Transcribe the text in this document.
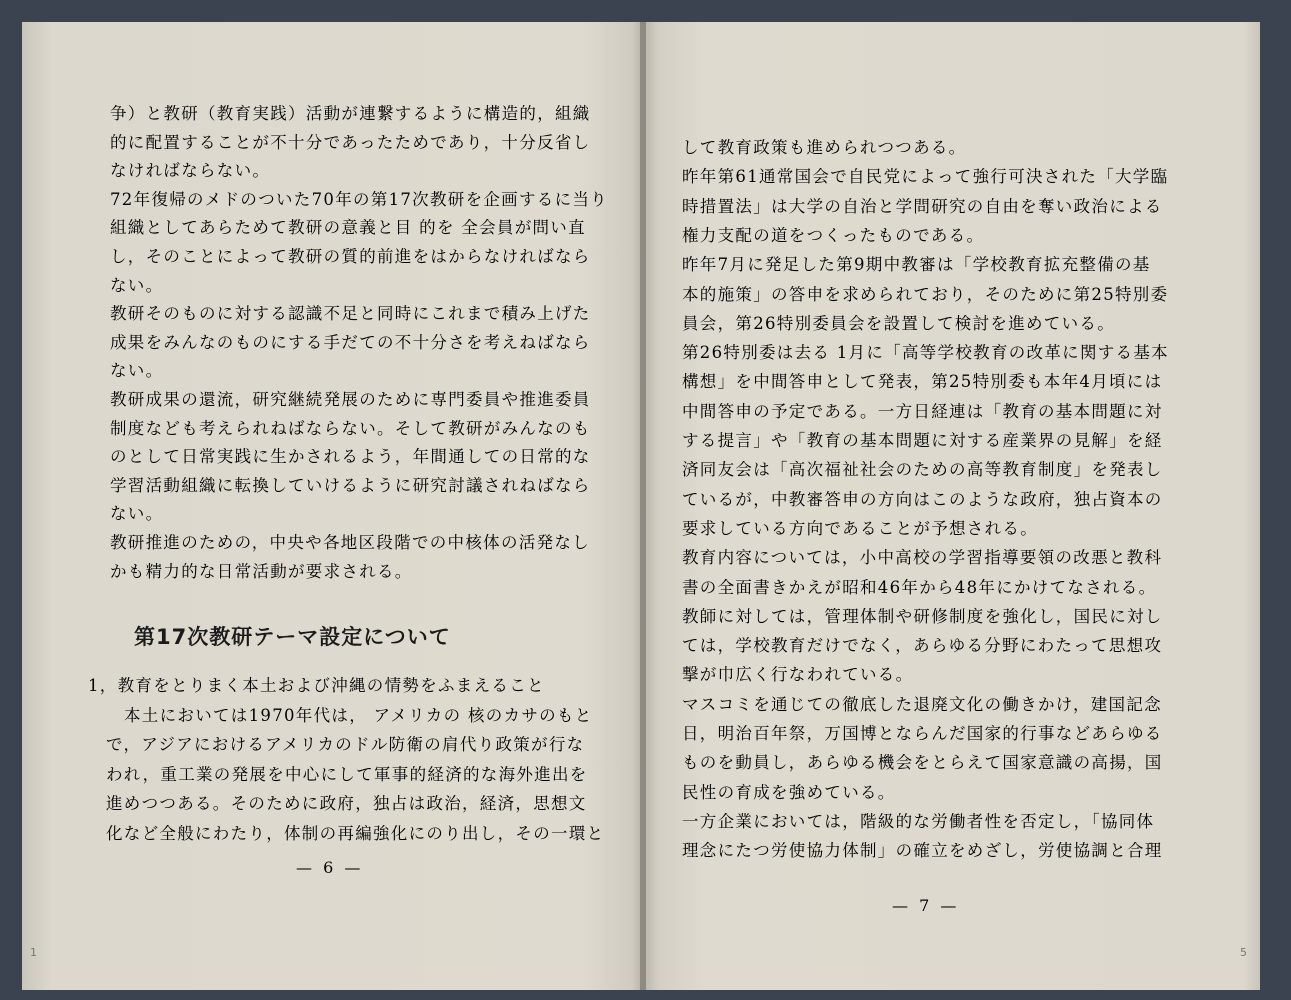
争）と教研（教育実践）活動が連繋するように構造的，組織
的に配置することが不十分であったためであり，十分反省し
なければならない。
72年復帰のメドのついた70年の第17次教研を企画するに当り
組織としてあらためて教研の意義と目 的を 全会員が問い直
し，そのことによって教研の質的前進をはからなければなら
ない。
教研そのものに対する認識不足と同時にこれまで積み上げた
成果をみんなのものにする手だての不十分さを考えねばなら
ない。
教研成果の還流，研究継続発展のために専門委員や推進委員
制度なども考えられねばならない。そして教研がみんなのも
のとして日常実践に生かされるよう，年間通しての日常的な
学習活動組織に転換していけるように研究討議されねばなら
ない。
教研推進のための，中央や各地区段階での中核体の活発なし
かも精力的な日常活動が要求される。
1，教育をとりまく本土および沖縄の情勢をふまえること
本土においては1970年代は， アメリカの 核のカサのもと
で，アジアにおけるアメリカのドル防衛の肩代り政策が行な
われ，重工業の発展を中心にして軍事的経済的な海外進出を
進めつつある。そのために政府，独占は政治，経済，思想文
化など全般にわたり，体制の再編強化にのり出し，その一環と
して教育政策も進められつつある。
昨年第61通常国会で自民党によって強行可決された「大学臨
時措置法」は大学の自治と学問研究の自由を奪い政治による
権力支配の道をつくったものである。
昨年7月に発足した第9期中教審は「学校教育拡充整備の基
本的施策」の答申を求められており，そのために第25特別委
員会，第26特別委員会を設置して検討を進めている。
第26特別委は去る 1月に「高等学校教育の改革に関する基本
構想」を中間答申として発表，第25特別委も本年4月頃には
中間答申の予定である。一方日経連は「教育の基本問題に対
する提言」や「教育の基本問題に対する産業界の見解」を経
済同友会は「高次福祉社会のための高等教育制度」を発表し
ているが，中教審答申の方向はこのような政府，独占資本の
要求している方向であることが予想される。
教育内容については，小中高校の学習指導要領の改悪と教科
書の全面書きかえが昭和46年から48年にかけてなされる。
教師に対しては，管理体制や研修制度を強化し，国民に対し
ては，学校教育だけでなく，あらゆる分野にわたって思想攻
撃が巾広く行なわれている。
マスコミを通じての徹底した退廃文化の働きかけ，建国記念
日，明治百年祭，万国博とならんだ国家的行事などあらゆる
ものを動員し，あらゆる機会をとらえて国家意識の高揚，国
民性の育成を強めている。
一方企業においては，階級的な労働者性を否定し，「協同体
理念にたつ労使協力体制」の確立をめざし，労使協調と合理
第17次教研テーマ設定について
— 6 —
— 7 —
1	5
